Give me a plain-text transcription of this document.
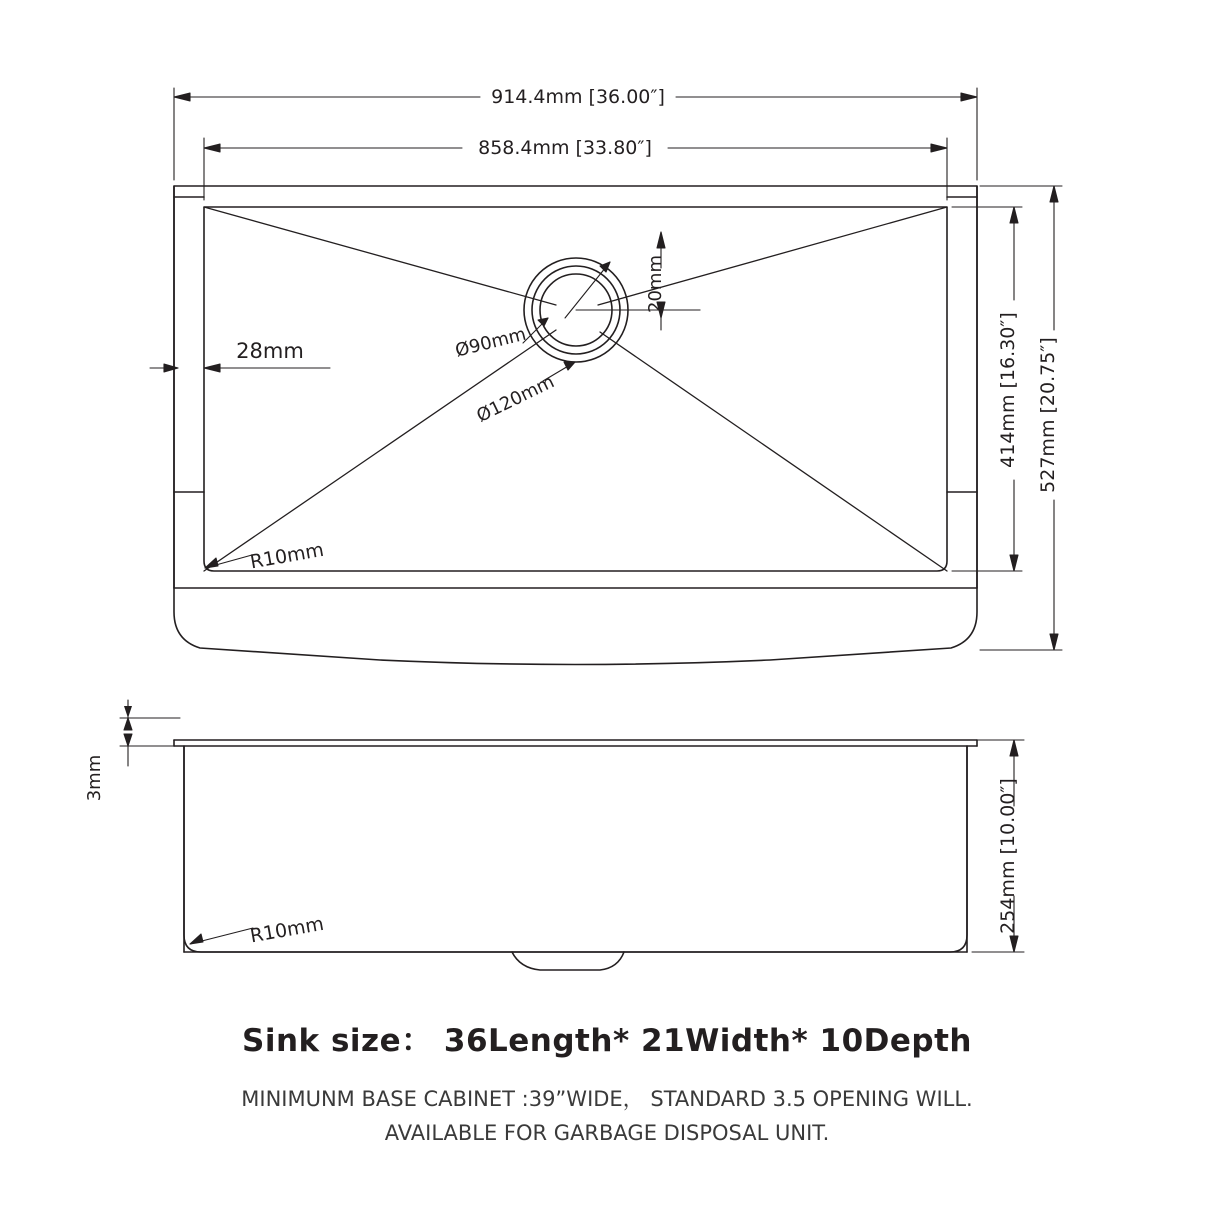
914.4mm [36.00″]
858.4mm [33.80″]
414mm [16.30″] 527mm [20.75″]
28mm
20mm
Ø90mm
Ø120mm
R10mm
3mm
254mm [10.00″]
R10mm

Sink size： 36Length* 21Width* 10Depth

MINIMUNM BASE CABINET :39”WIDE， STANDARD 3.5 OPENING WILL.

AVAILABLE FOR GARBAGE DISPOSAL UNIT.
